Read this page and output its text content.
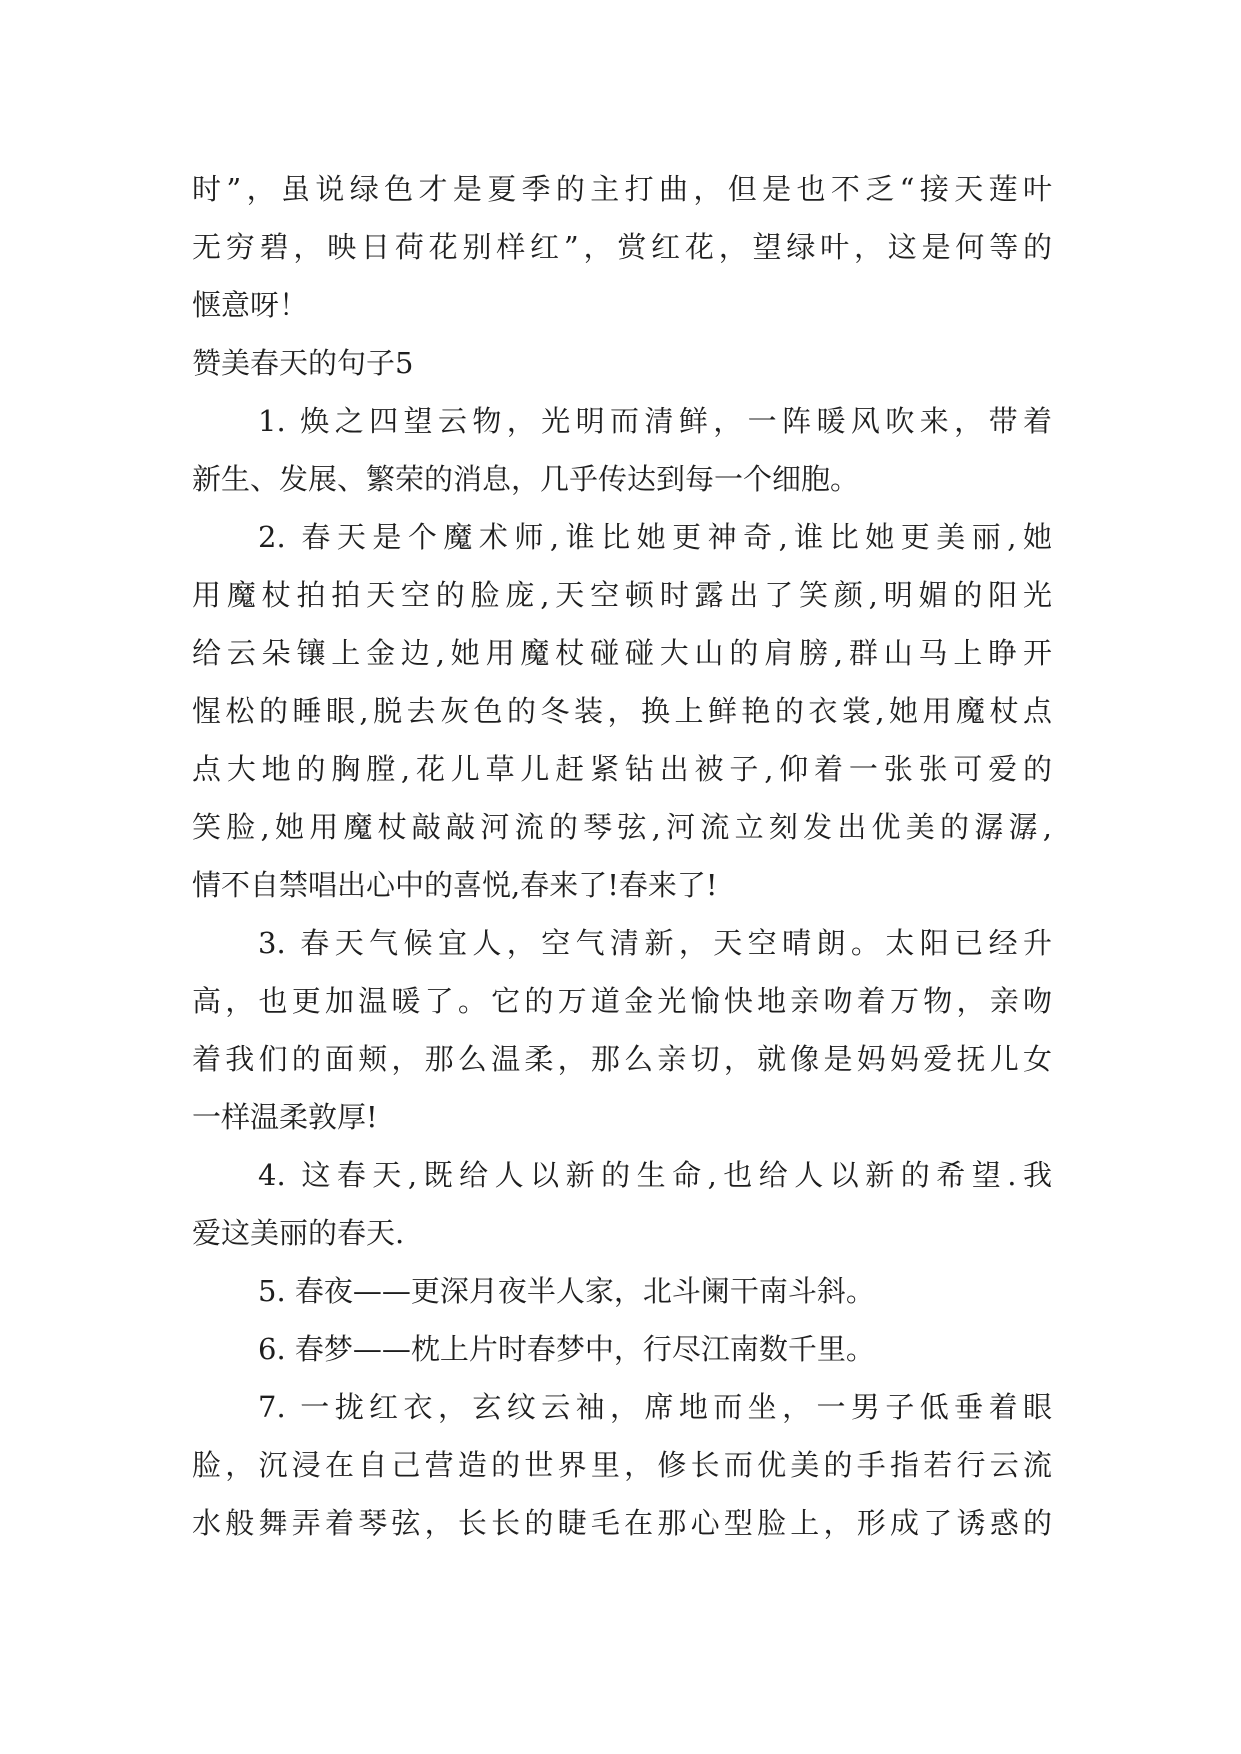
时”，虽说绿色才是夏季的主打曲，但是也不乏“接天莲叶
无穷碧，映日荷花别样红”，赏红花，望绿叶，这是何等的
惬意呀！
赞美春天的句子5
1. 焕之四望云物，光明而清鲜，一阵暖风吹来，带着
新生、发展、繁荣的消息，几乎传达到每一个细胞。
2. 春天是个魔术师,谁比她更神奇,谁比她更美丽,她
用魔杖拍拍天空的脸庞,天空顿时露出了笑颜,明媚的阳光
给云朵镶上金边,她用魔杖碰碰大山的肩膀,群山马上睁开
惺松的睡眼,脱去灰色的冬装，换上鲜艳的衣裳,她用魔杖点
点大地的胸膛,花儿草儿赶紧钻出被子,仰着一张张可爱的
笑脸,她用魔杖敲敲河流的琴弦,河流立刻发出优美的潺潺,
情不自禁唱出心中的喜悦,春来了!春来了!
3. 春天气候宜人，空气清新，天空晴朗。太阳已经升
高，也更加温暖了。它的万道金光愉快地亲吻着万物，亲吻
着我们的面颊，那么温柔，那么亲切，就像是妈妈爱抚儿女
一样温柔敦厚!
4. 这春天,既给人以新的生命,也给人以新的希望.我
爱这美丽的春天.
5. 春夜——更深月夜半人家，北斗阑干南斗斜。
6. 春梦——枕上片时春梦中，行尽江南数千里。
7. 一拢红衣，玄纹云袖，席地而坐，一男子低垂着眼
脸，沉浸在自己营造的世界里，修长而优美的手指若行云流
水般舞弄着琴弦，长长的睫毛在那心型脸上，形成了诱惑的
